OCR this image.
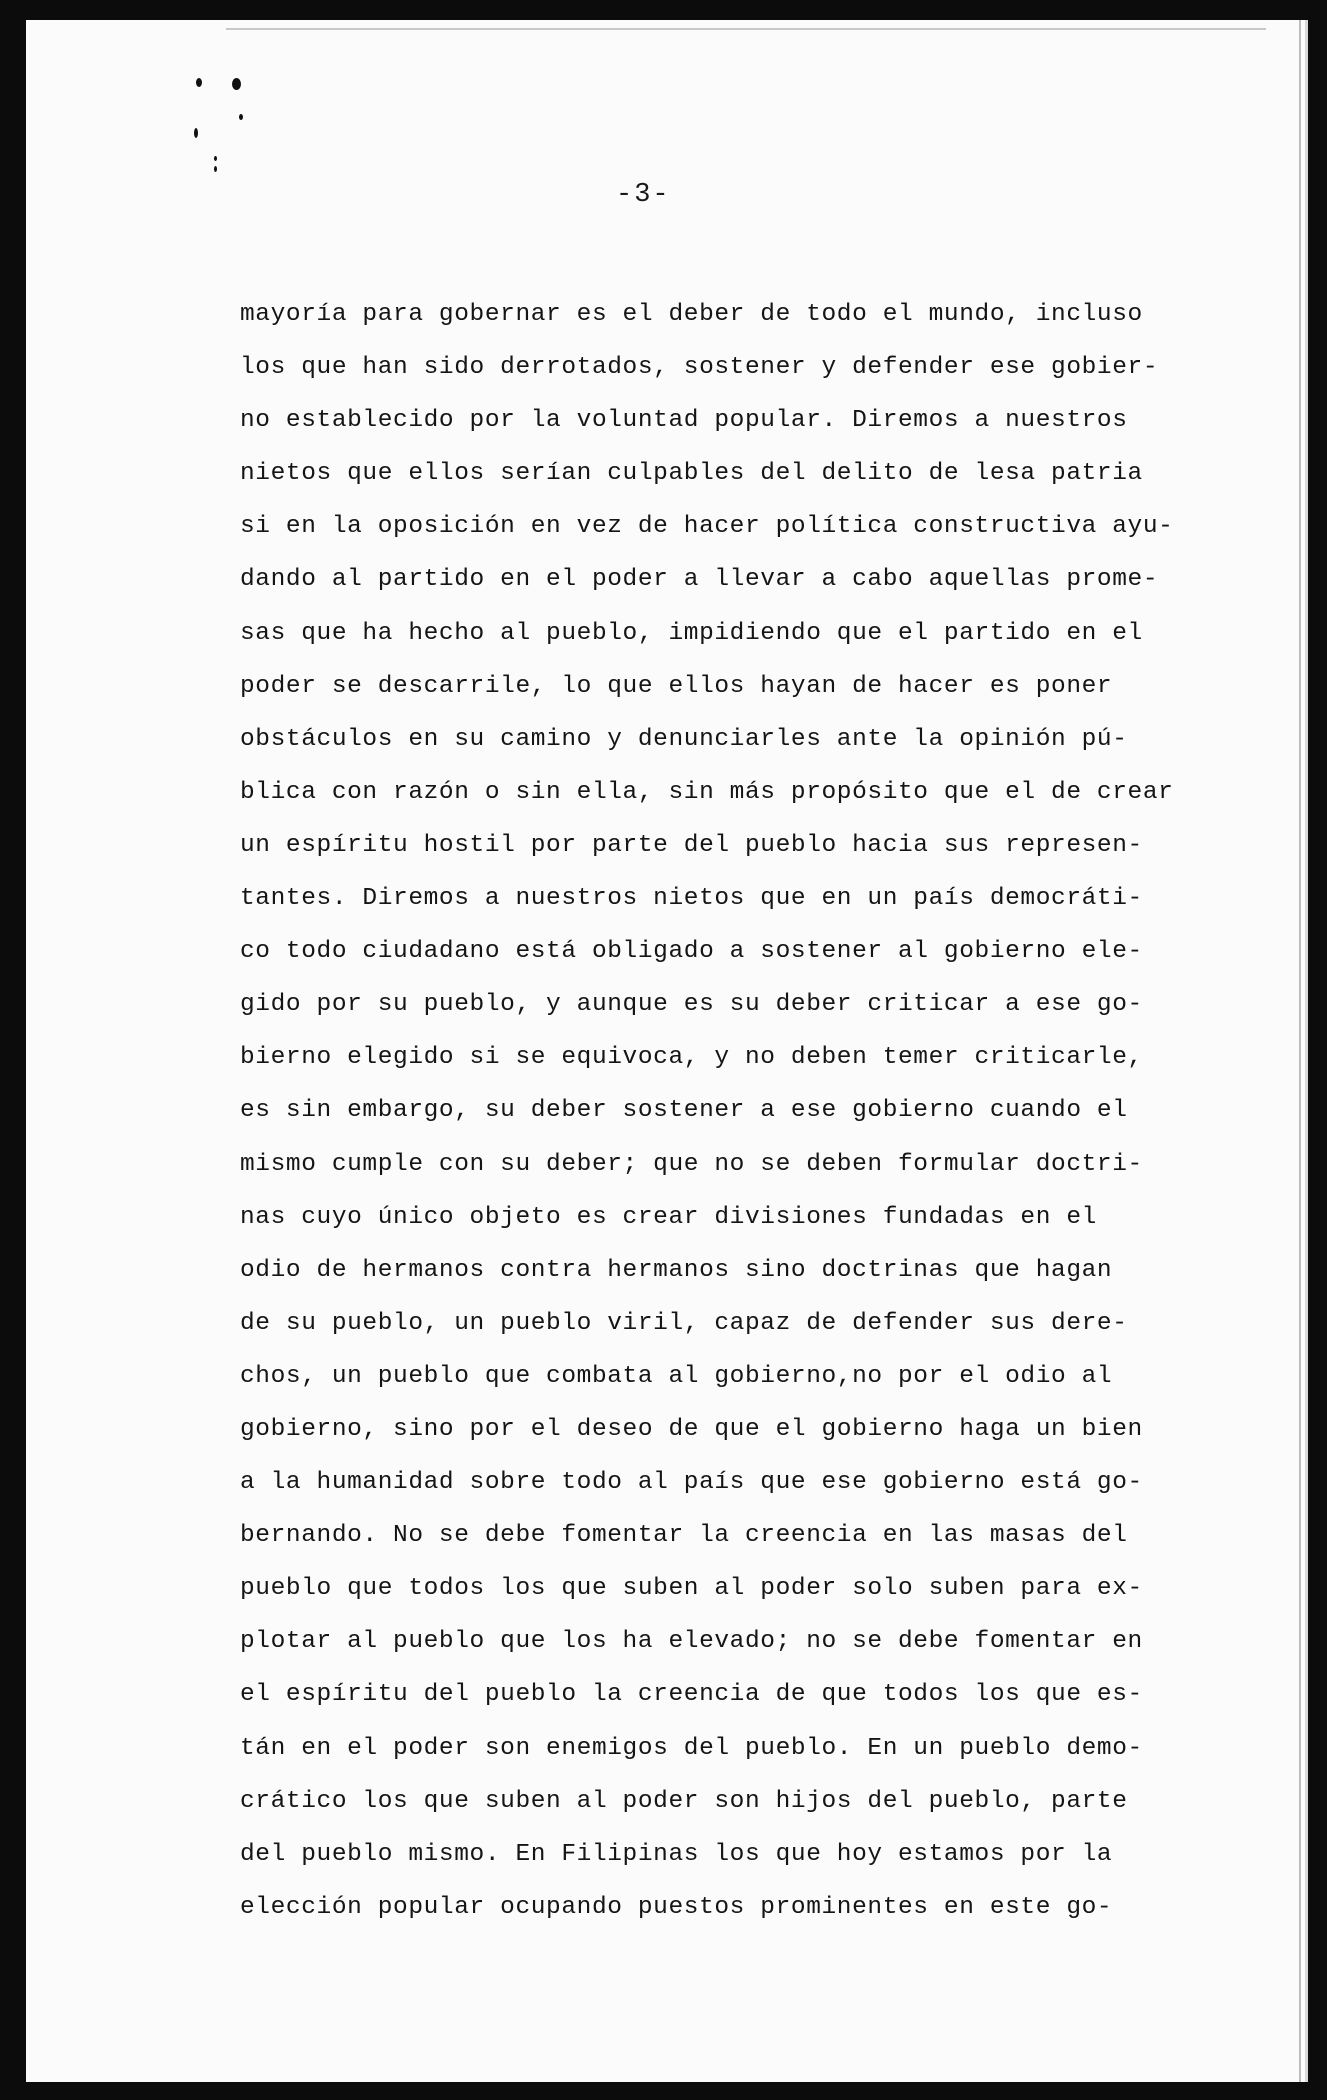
-3-
mayoría para gobernar es el deber de todo el mundo, incluso
los que han sido derrotados, sostener y defender ese gobier-
no establecido por la voluntad popular. Diremos a nuestros
nietos que ellos serían culpables del delito de lesa patria
si en la oposición en vez de hacer política constructiva ayu-
dando al partido en el poder a llevar a cabo aquellas prome-
sas que ha hecho al pueblo, impidiendo que el partido en el
poder se descarrile, lo que ellos hayan de hacer es poner
obstáculos en su camino y denunciarles ante la opinión pú-
blica con razón o sin ella, sin más propósito que el de crear
un espíritu hostil por parte del pueblo hacia sus represen-
tantes. Diremos a nuestros nietos que en un país democráti-
co todo ciudadano está obligado a sostener al gobierno ele-
gido por su pueblo, y aunque es su deber criticar a ese go-
bierno elegido si se equivoca, y no deben temer criticarle,
es sin embargo, su deber sostener a ese gobierno cuando el
mismo cumple con su deber; que no se deben formular doctri-
nas cuyo único objeto es crear divisiones fundadas en el
odio de hermanos contra hermanos sino doctrinas que hagan
de su pueblo, un pueblo viril, capaz de defender sus dere-
chos, un pueblo que combata al gobierno,no por el odio al
gobierno, sino por el deseo de que el gobierno haga un bien
a la humanidad sobre todo al país que ese gobierno está go-
bernando. No se debe fomentar la creencia en las masas del
pueblo que todos los que suben al poder solo suben para ex-
plotar al pueblo que los ha elevado; no se debe fomentar en
el espíritu del pueblo la creencia de que todos los que es-
tán en el poder son enemigos del pueblo. En un pueblo demo-
crático los que suben al poder son hijos del pueblo, parte
del pueblo mismo. En Filipinas los que hoy estamos por la
elección popular ocupando puestos prominentes en este go-
